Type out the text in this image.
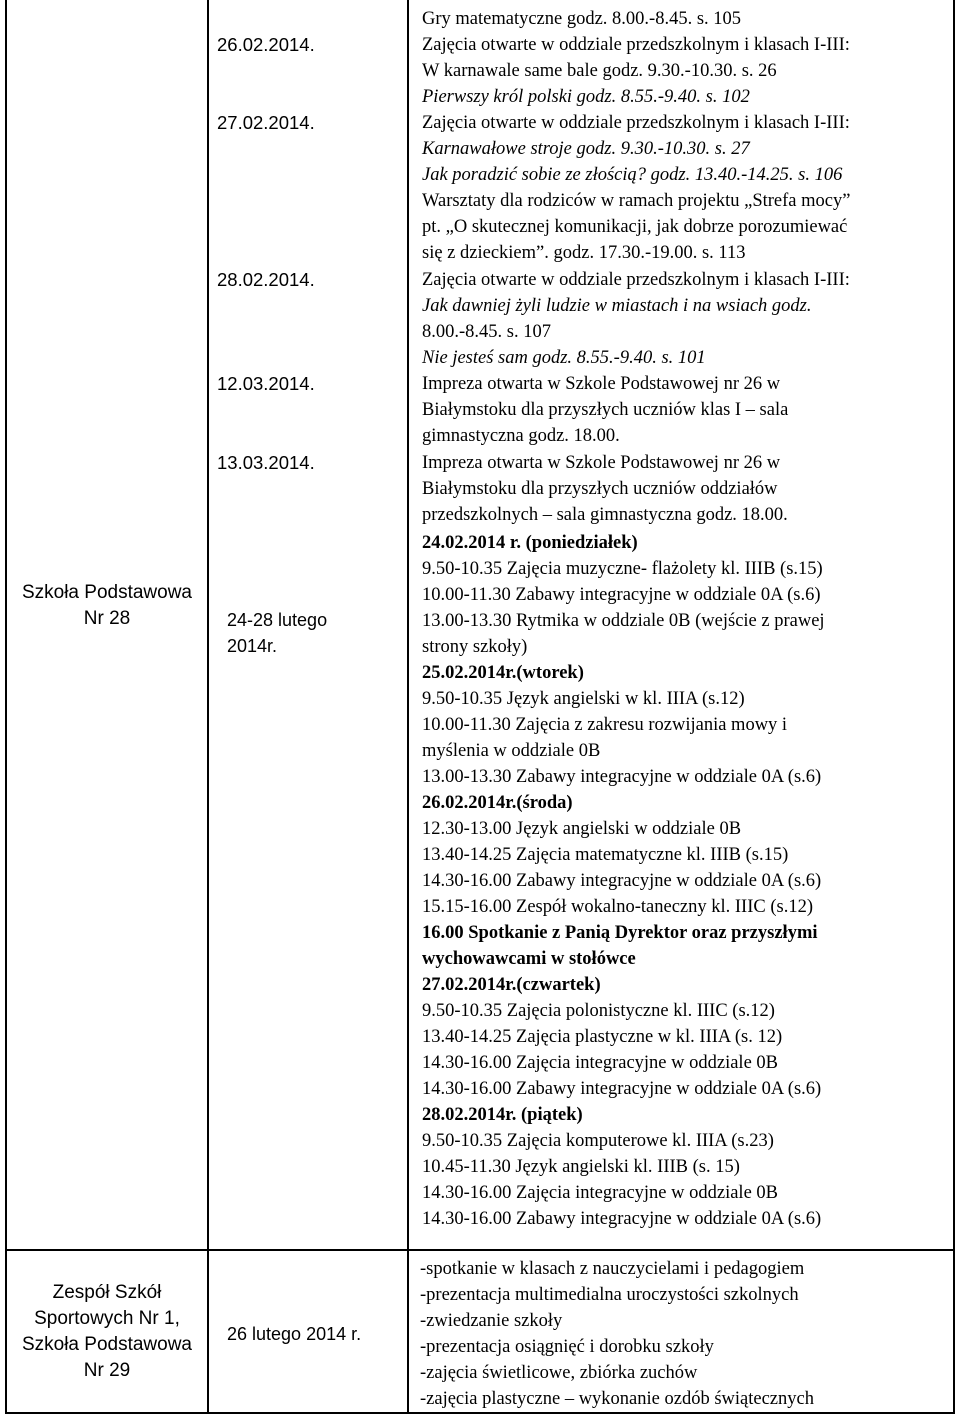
26.02.2014.
27.02.2014.
28.02.2014.
12.03.2014.
13.03.2014.
Gry matematyczne godz. 8.00.-8.45. s. 105
Zajęcia otwarte w oddziale przedszkolnym i klasach I-III:
W karnawale same bale godz. 9.30.-10.30. s. 26
Pierwszy król polski godz. 8.55.-9.40. s. 102
Zajęcia otwarte w oddziale przedszkolnym i klasach I-III:
Karnawałowe stroje godz. 9.30.-10.30. s. 27
Jak poradzić sobie ze złością? godz. 13.40.-14.25. s. 106
Warsztaty dla rodziców w ramach projektu „Strefa mocy”
pt. „O skutecznej komunikacji, jak dobrze porozumiewać
się z dzieckiem”. godz. 17.30.-19.00. s. 113
Zajęcia otwarte w oddziale przedszkolnym i klasach I-III:
Jak dawniej żyli ludzie w miastach i na wsiach godz.
8.00.-8.45. s. 107
Nie jesteś sam godz. 8.55.-9.40. s. 101
Impreza otwarta w Szkole Podstawowej nr 26 w
Białymstoku dla przyszłych uczniów klas I – sala
gimnastyczna godz. 18.00.
Impreza otwarta w Szkole Podstawowej nr 26 w
Białymstoku dla przyszłych uczniów oddziałów
przedszkolnych – sala gimnastyczna godz. 18.00.
Szkoła Podstawowa
Nr 28	24-28 lutego
2014r.
24.02.2014 r. (poniedziałek)
9.50-10.35 Zajęcia muzyczne- flażolety kl. IIIB (s.15)
10.00-11.30 Zabawy integracyjne w oddziale 0A (s.6)
13.00-13.30 Rytmika w oddziale 0B (wejście z prawej
strony szkoły)
25.02.2014r.(wtorek)
9.50-10.35 Język angielski w kl. IIIA (s.12)
10.00-11.30 Zajęcia z zakresu rozwijania mowy i
myślenia w oddziale 0B
13.00-13.30 Zabawy integracyjne w oddziale 0A (s.6)
26.02.2014r.(środa)
12.30-13.00 Język angielski w oddziale 0B
13.40-14.25 Zajęcia matematyczne kl. IIIB (s.15)
14.30-16.00 Zabawy integracyjne w oddziale 0A (s.6)
15.15-16.00 Zespół wokalno-taneczny kl. IIIC (s.12)
16.00 Spotkanie z Panią Dyrektor oraz przyszłymi
wychowawcami w stołówce
27.02.2014r.(czwartek)
9.50-10.35 Zajęcia polonistyczne kl. IIIC (s.12)
13.40-14.25 Zajęcia plastyczne w kl. IIIA (s. 12)
14.30-16.00 Zajęcia integracyjne w oddziale 0B
14.30-16.00 Zabawy integracyjne w oddziale 0A (s.6)
28.02.2014r. (piątek)
9.50-10.35 Zajęcia komputerowe kl. IIIA (s.23)
10.45-11.30 Język angielski kl. IIIB (s. 15)
14.30-16.00 Zajęcia integracyjne w oddziale 0B
14.30-16.00 Zabawy integracyjne w oddziale 0A (s.6)
Zespół Szkół
Sportowych Nr 1,
Szkoła Podstawowa
Nr 29
26 lutego 2014 r.
-spotkanie w klasach z nauczycielami i pedagogiem
-prezentacja multimedialna uroczystości szkolnych
-zwiedzanie szkoły
-prezentacja osiągnięć i dorobku szkoły
-zajęcia świetlicowe, zbiórka zuchów
-zajęcia plastyczne – wykonanie ozdób świątecznych
